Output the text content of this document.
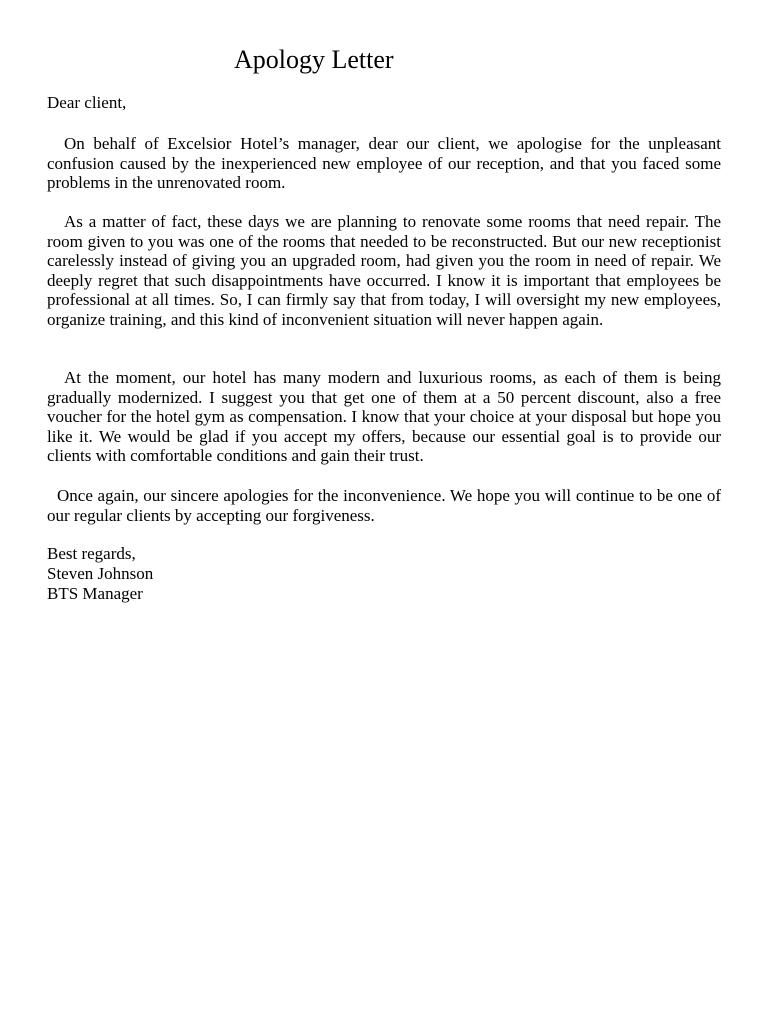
Apology Letter
Dear client,

On behalf of Excelsior Hotel’s manager, dear our client, we apologise for the unpleasant confusion caused by the inexperienced new employee of our reception, and that you faced some problems in the unrenovated room.

As a matter of fact, these days we are planning to renovate some rooms that need repair. The room given to you was one of the rooms that needed to be reconstructed. But our new receptionist carelessly instead of giving you an upgraded room, had given you the room in need of repair. We deeply regret that such disappointments have occurred. I know it is important that employees be professional at all times. So, I can firmly say that from today, I will oversight my new employees, organize training, and this kind of inconvenient situation will never happen again.

At the moment, our hotel has many modern and luxurious rooms, as each of them is being gradually modernized. I suggest you that get one of them at a 50 percent discount, also a free voucher for the hotel gym as compensation. I know that your choice at your disposal but hope you like it. We would be glad if you accept my offers, because our essential goal is to provide our clients with comfortable conditions and gain their trust.

Once again, our sincere apologies for the inconvenience. We hope you will continue to be one of our regular clients by accepting our forgiveness.

Best regards,
Steven Johnson
BTS Manager
